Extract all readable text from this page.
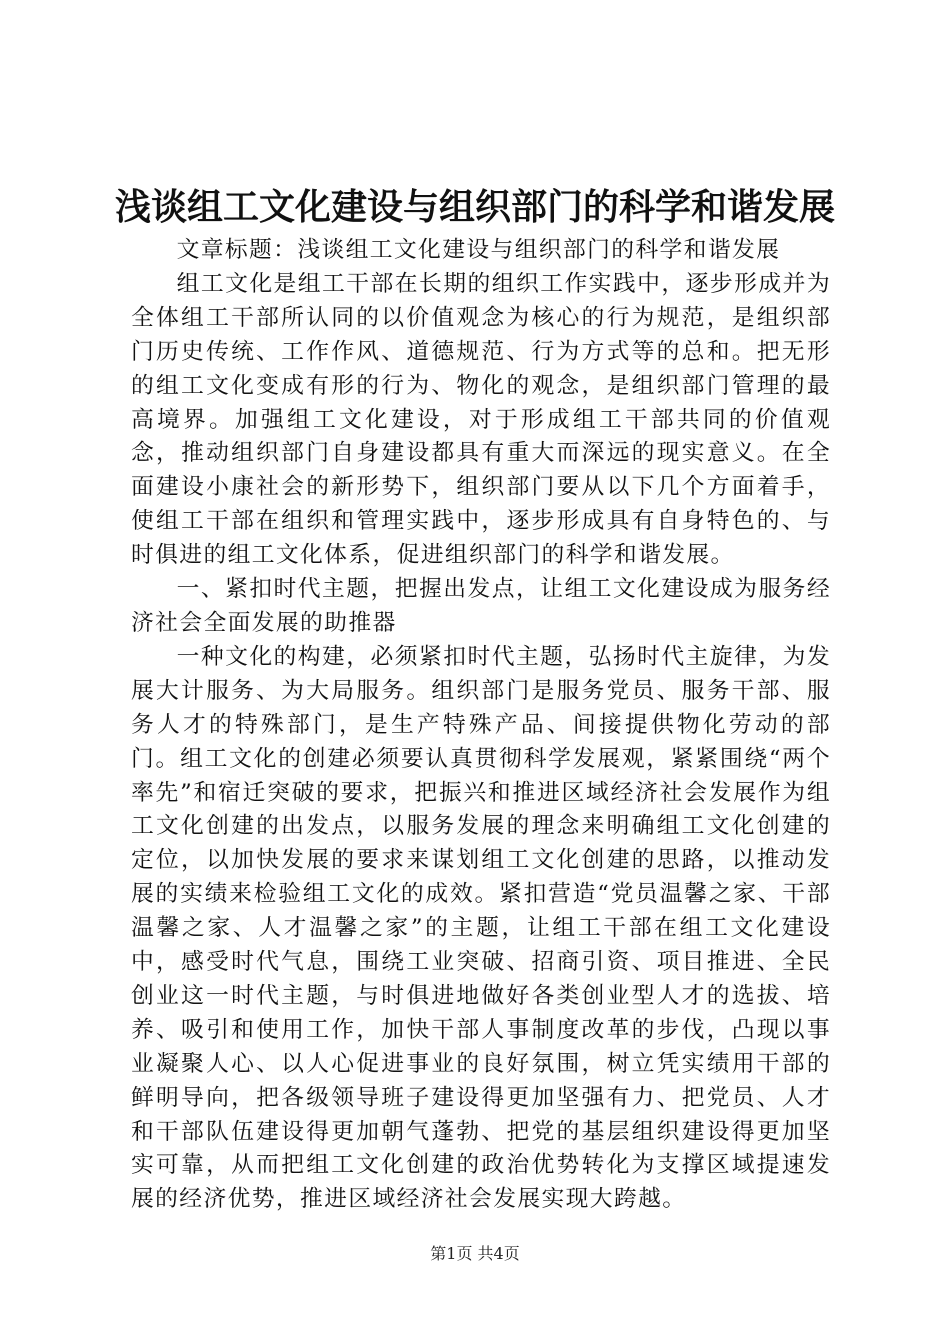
浅谈组工文化建设与组织部门的科学和谐发展

文章标题：浅谈组工文化建设与组织部门的科学和谐发展

组工文化是组工干部在长期的组织工作实践中，逐步形成并为全体组工干部所认同的以价值观念为核心的行为规范，是组织部门历史传统、工作作风、道德规范、行为方式等的总和。把无形的组工文化变成有形的行为、物化的观念，是组织部门管理的最高境界。加强组工文化建设，对于形成组工干部共同的价值观念，推动组织部门自身建设都具有重大而深远的现实意义。在全面建设小康社会的新形势下，组织部门要从以下几个方面着手，使组工干部在组织和管理实践中，逐步形成具有自身特色的、与时俱进的组工文化体系，促进组织部门的科学和谐发展。

一、紧扣时代主题，把握出发点，让组工文化建设成为服务经济社会全面发展的助推器

一种文化的构建，必须紧扣时代主题，弘扬时代主旋律，为发展大计服务、为大局服务。组织部门是服务党员、服务干部、服务人才的特殊部门，是生产特殊产品、间接提供物化劳动的部门。组工文化的创建必须要认真贯彻科学发展观，紧紧围绕“两个率先”和宿迁突破的要求，把振兴和推进区域经济社会发展作为组工文化创建的出发点，以服务发展的理念来明确组工文化创建的定位，以加快发展的要求来谋划组工文化创建的思路，以推动发展的实绩来检验组工文化的成效。紧扣营造“党员温馨之家、干部温馨之家、人才温馨之家”的主题，让组工干部在组工文化建设中，感受时代气息，围绕工业突破、招商引资、项目推进、全民创业这一时代主题，与时俱进地做好各类创业型人才的选拔、培养、吸引和使用工作，加快干部人事制度改革的步伐，凸现以事业凝聚人心、以人心促进事业的良好氛围，树立凭实绩用干部的鲜明导向，把各级领导班子建设得更加坚强有力、把党员、人才和干部队伍建设得更加朝气蓬勃、把党的基层组织建设得更加坚实可靠，从而把组工文化创建的政治优势转化为支撑区域提速发展的经济优势，推进区域经济社会发展实现大跨越。

第1页 共4页
